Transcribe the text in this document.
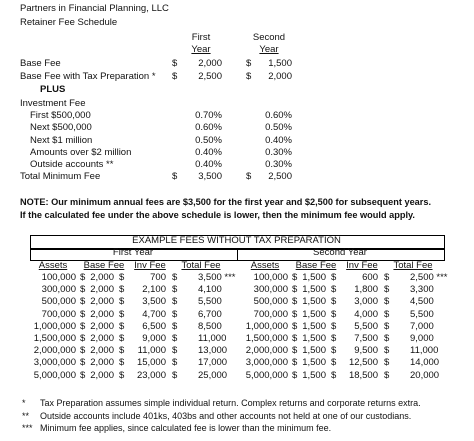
Partners in Financial Planning, LLC
Retainer Fee Schedule
First
Year
Second
Year
Base Fee	$	2,000	$	1,500
Base Fee with Tax Preparation * $	2,500	$	2,000
PLUS
Investment Fee
First $500,000	0.70%	0.60%
Next $500,000	0.60%	0.50%
Next $1 million	0.50%	0.40%
Amounts over $2 million	0.40%	0.30%
Outside accounts **	0.40%	0.30%
Total Minimum Fee	$	3,500	$	2,500
NOTE: Our minimum annual fees are $3,500 for the first year and $2,500 for subsequent years.
If the calculated fee under the above schedule is lower, then the minimum fee would apply.
EXAMPLE FEES WITHOUT TAX PREPARATION
First Year	Second Year
Assets Base Fee	Inv Fee	Total Fee
100,000 $ 2,000 $	700 $ 3,500 ***
300,000 $ 2,000 $	2,100 $ 4,100
500,000 $ 2,000 $	3,500 $ 5,500
700,000 $ 2,000 $	4,700 $ 6,700
1,000,000 $ 2,000 $	6,500 $ 8,500
1,500,000 $ 2,000 $	9,000 $ 11,000
2,000,000 $ 2,000 $	11,000 $ 13,000
3,000,000 $ 2,000 $	15,000 $ 17,000
5,000,000 $ 2,000 $	23,000 $ 25,000
Assets Base Fee	Inv Fee	Total Fee
100,000 $ 1,500 $	600 $ 2,500 ***
300,000 $ 1,500 $	1,800 $ 3,300
500,000 $ 1,500 $	3,000 $ 4,500
700,000 $ 1,500 $	4,000 $ 5,500
1,000,000 $ 1,500 $	5,500 $ 7,000
1,500,000 $ 1,500 $	7,500 $ 9,000
2,000,000 $ 1,500 $	9,500 $ 11,000
3,000,000 $ 1,500 $	12,500 $ 14,000
5,000,000 $ 1,500 $	18,500 $ 20,000
* Tax Preparation assumes simple individual return. Complex returns and corporate returns extra.
** Outside accounts include 401ks, 403bs and other accounts not held at one of our custodians.
*** Minimum fee applies, since calculated fee is lower than the minimum fee.
